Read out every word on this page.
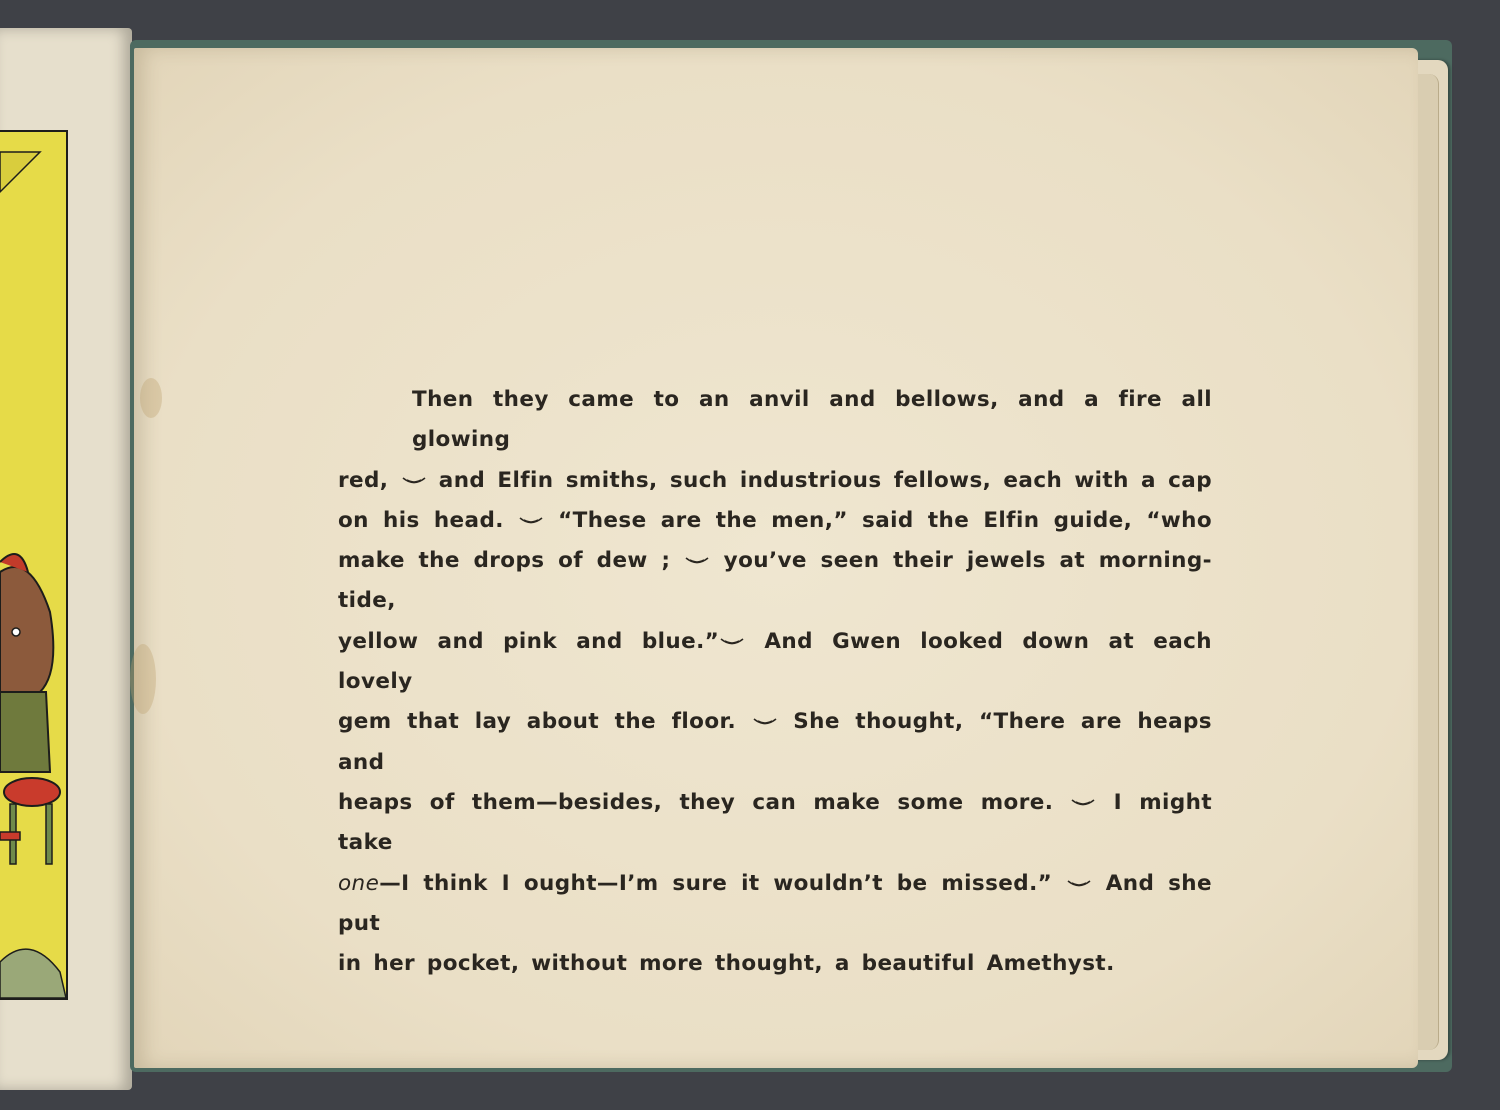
Then they came to an anvil and bellows, and a fire all glowing
red,  and Elfin smiths, such industrious fellows, each with a cap
on his head.  “These are the men,” said the Elfin guide, “who
make the drops of dew ;  you’ve seen their jewels at morning-tide,
yellow and pink and blue.” And Gwen looked down at each lovely
gem that lay about the floor.  She thought, “There are heaps and
heaps of them—besides, they can make some more.  I might take
one—I think I ought—I’m sure it wouldn’t be missed.”  And she put
in her pocket, without more thought, a beautiful Amethyst.
